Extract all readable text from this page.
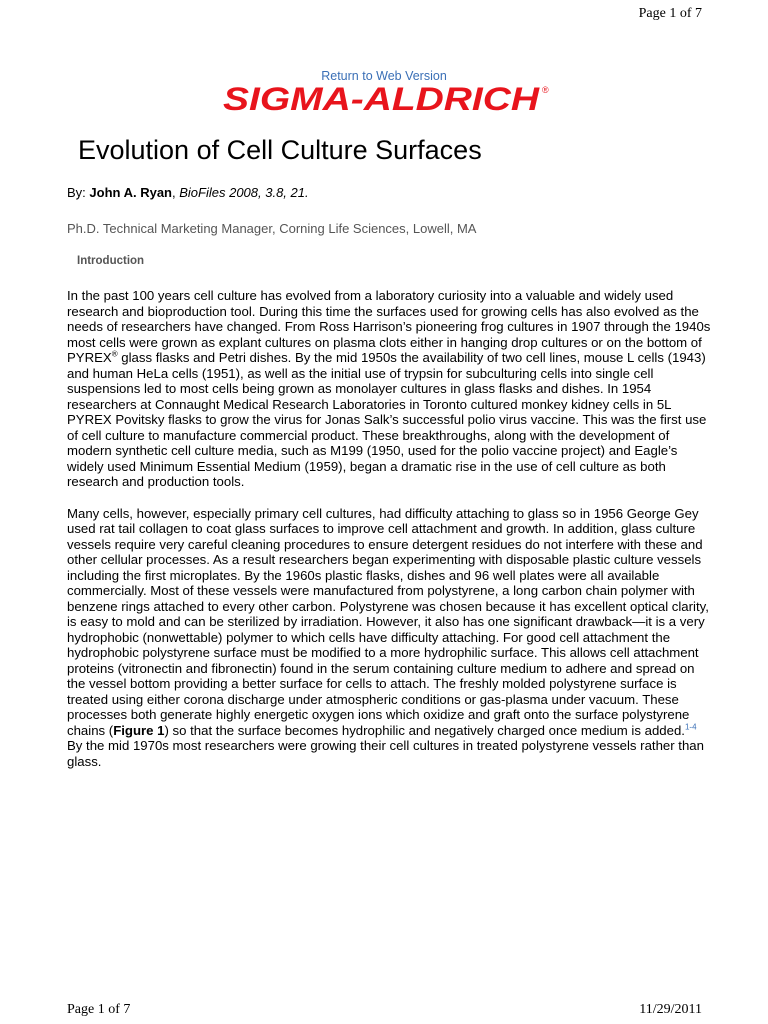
Page 1 of 7
Return to Web Version
SIGMA-ALDRICH ®
Evolution of Cell Culture Surfaces
By: John A. Ryan, BioFiles 2008, 3.8, 21.
Ph.D. Technical Marketing Manager, Corning Life Sciences, Lowell, MA
Introduction

In the past 100 years cell culture has evolved from a laboratory curiosity into a valuable and widely used research and bioproduction tool. During this time the surfaces used for growing cells has also evolved as the needs of researchers have changed. From Ross Harrison’s pioneering frog cultures in 1907 through the 1940s most cells were grown as explant cultures on plasma clots either in hanging drop cultures or on the bottom of PYREX® glass flasks and Petri dishes. By the mid 1950s the availability of two cell lines, mouse L cells (1943) and human HeLa cells (1951), as well as the initial use of trypsin for subculturing cells into single cell suspensions led to most cells being grown as monolayer cultures in glass flasks and dishes. In 1954 researchers at Connaught Medical Research Laboratories in Toronto cultured monkey kidney cells in 5L PYREX Povitsky flasks to grow the virus for Jonas Salk’s successful polio virus vaccine. This was the first use of cell culture to manufacture commercial product. These breakthroughs, along with the development of modern synthetic cell culture media, such as M199 (1950, used for the polio vaccine project) and Eagle’s widely used Minimum Essential Medium (1959), began a dramatic rise in the use of cell culture as both research and production tools.

Many cells, however, especially primary cell cultures, had difficulty attaching to glass so in 1956 George Gey used rat tail collagen to coat glass surfaces to improve cell attachment and growth. In addition, glass culture vessels require very careful cleaning procedures to ensure detergent residues do not interfere with these and other cellular processes. As a result researchers began experimenting with disposable plastic culture vessels including the first microplates. By the 1960s plastic flasks, dishes and 96 well plates were all available commercially. Most of these vessels were manufactured from polystyrene, a long carbon chain polymer with benzene rings attached to every other carbon. Polystyrene was chosen because it has excellent optical clarity, is easy to mold and can be sterilized by irradiation. However, it also has one significant drawback—it is a very hydrophobic (nonwettable) polymer to which cells have difficulty attaching. For good cell attachment the hydrophobic polystyrene surface must be modified to a more hydrophilic surface. This allows cell attachment proteins (vitronectin and fibronectin) found in the serum containing culture medium to adhere and spread on the vessel bottom providing a better surface for cells to attach. The freshly molded polystyrene surface is treated using either corona discharge under atmospheric conditions or gas-plasma under vacuum. These processes both generate highly energetic oxygen ions which oxidize and graft onto the surface polystyrene chains (Figure 1) so that the surface becomes hydrophilic and negatively charged once medium is added.$^{1-4}$ By the mid 1970s most researchers were growing their cell cultures in treated polystyrene vessels rather than glass.

Page 1 of 7	11/29/2011
